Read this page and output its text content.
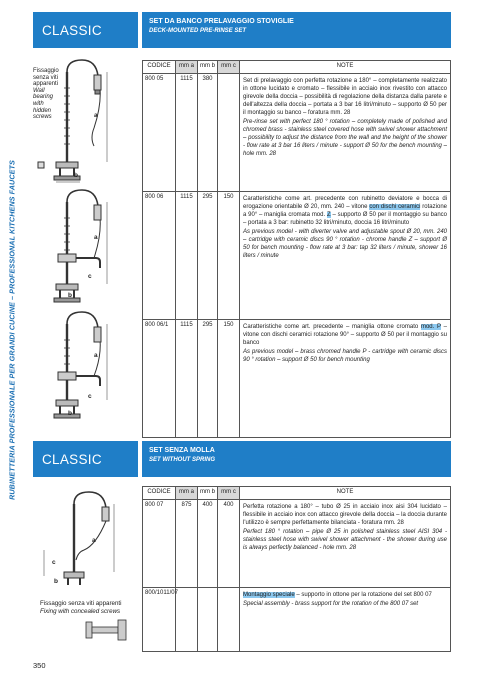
RUBINETTERIA PROFESSIONALE PER GRANDI CUCINE – PROFESSIONAL KITCHENS FAUCETS
CLASSIC
SET DA BANCO PRELAVAGGIO STOVIGLIE
DECK-MOUNTED PRE-RINSE SET
Fissaggio
senza viti
apparenti
Wall
bearing
with
hidden
screws	a
b
a
c
b
a
c
b
CODICE	mm a	mm b	mm c	NOTE
800 05	1115	380		Set di prelavaggio con perfetta rotazione a 180° – completamente realizzato in ottone lucidato e cromato – flessibile in acciaio inox rivestito con attacco girevole della doccia – possibilità di regolazione della distanza dalla parete e dell'altezza della doccia – portata a 3 bar 16 litri/minuto – supporto Ø 50 per il montaggio su banco – foratura mm. 28
Pre-rinse set with perfect 180 ° rotation – completely made of polished and chromed brass - stainless steel covered hose with swivel shower attachment – possibility to adjust the distance from the wall and the height of the shower - flow rate at 3 bar 16 liters / minute - support Ø 50 for the bench mounting – hole mm. 28

800 06	1115	295	150	Caratteristiche come art. precedente con rubinetto deviatore e bocca di erogazione orientabile Ø 20, mm. 240 – vitone con dischi ceramici rotazione a 90° – maniglia cromata mod. Z – supporto Ø 50 per il montaggio su banco – portata a 3 bar: rubinetto 32 litri/minuto, doccia 16 litri/minuto
As previous model - with diverter valve and adjustable spout Ø 20, mm. 240 – cartridge with ceramic discs 90 ° rotation - chrome handle Z – support Ø 50 for bench mounting - flow rate at 3 bar: tap 32 liters / minute, shower 16 liters / minute

800 06/1	1115	295	150	Caratteristiche come art. precedente – maniglia ottone cromato mod. P – vitone con dischi ceramici rotazione 90° – supporto Ø 50 per il montaggio su banco
As previous model – brass chromed handle P - cartridge with ceramic discs 90 ° rotation – support Ø 50 for bench mounting
CLASSIC
SET SENZA MOLLA
SET WITHOUT SPRING
a
c
b
Fissaggio senza viti apparenti
Fixing with concealed screws
CODICE	mm a	mm b	mm c	NOTE
800 07	875	400	400	Perfetta rotazione a 180° – tubo Ø 25 in acciaio inox aisi 304 lucidato – flessibile in acciaio inox con attacco girevole della doccia – la doccia durante l'utilizzo è sempre perfettamente bilanciata - foratura mm. 28
Perfect 180 ° rotation – pipe Ø 25 in polished stainless steel AISI 304 - stainless steel hose with swivel shower attachment - the shower during use is always perfectly balanced - hole mm. 28

800/1011/07				Montaggio speciale – supporto in ottone per la rotazione del set 800 07
Special assembly - brass support for the rotation of the 800 07 set
350
